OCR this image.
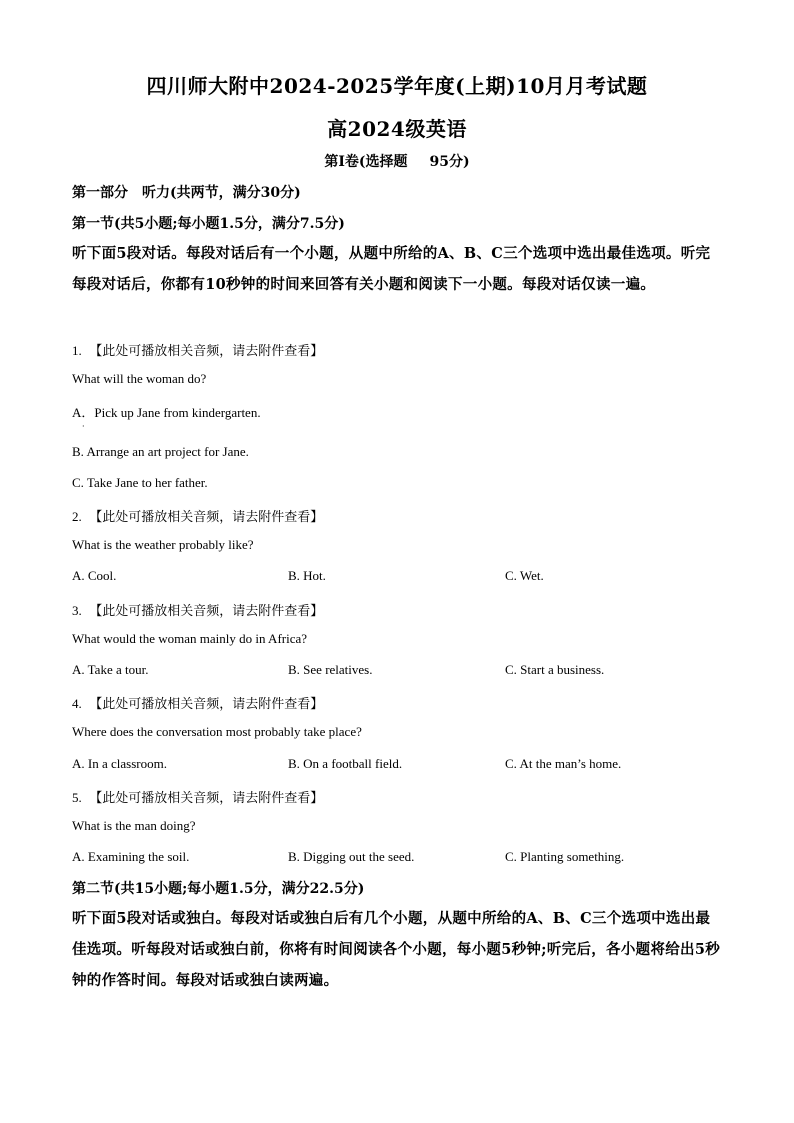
四川师大附中2024-2025学年度(上期)10月月考试题
高2024级英语
第Ⅰ卷(选择题 95分)
第一部分　听力(共两节，满分30分)
第一节(共5小题;每小题1.5分，满分7.5分)
听下面5段对话。每段对话后有一个小题，从题中所给的A、B、C三个选项中选出最佳选项。听完每段对话后，你都有10秒钟的时间来回答有关小题和阅读下一小题。每段对话仅读一遍。
1. 【此处可播放相关音频，请去附件查看】
What will the woman do?
A．Pick up Jane from kindergarten.
·
B. Arrange an art project for Jane.
C. Take Jane to her father.
2. 【此处可播放相关音频，请去附件查看】
What is the weather probably like?
A. Cool.	B. Hot.	C. Wet.
3. 【此处可播放相关音频，请去附件查看】
What would the woman mainly do in Africa?
A. Take a tour.	B. See relatives.	C. Start a business.
4. 【此处可播放相关音频，请去附件查看】
Where does the conversation most probably take place?
A. In a classroom.	B. On a football field.	C. At the man’s home.
5. 【此处可播放相关音频，请去附件查看】
What is the man doing?
A. Examining the soil.	B. Digging out the seed.	C. Planting something.
第二节(共15小题;每小题1.5分，满分22.5分)
听下面5段对话或独白。每段对话或独白后有几个小题，从题中所给的A、B、C三个选项中选出最佳选项。听每段对话或独白前，你将有时间阅读各个小题，每小题5秒钟;听完后，各小题将给出5秒钟的作答时间。每段对话或独白读两遍。
